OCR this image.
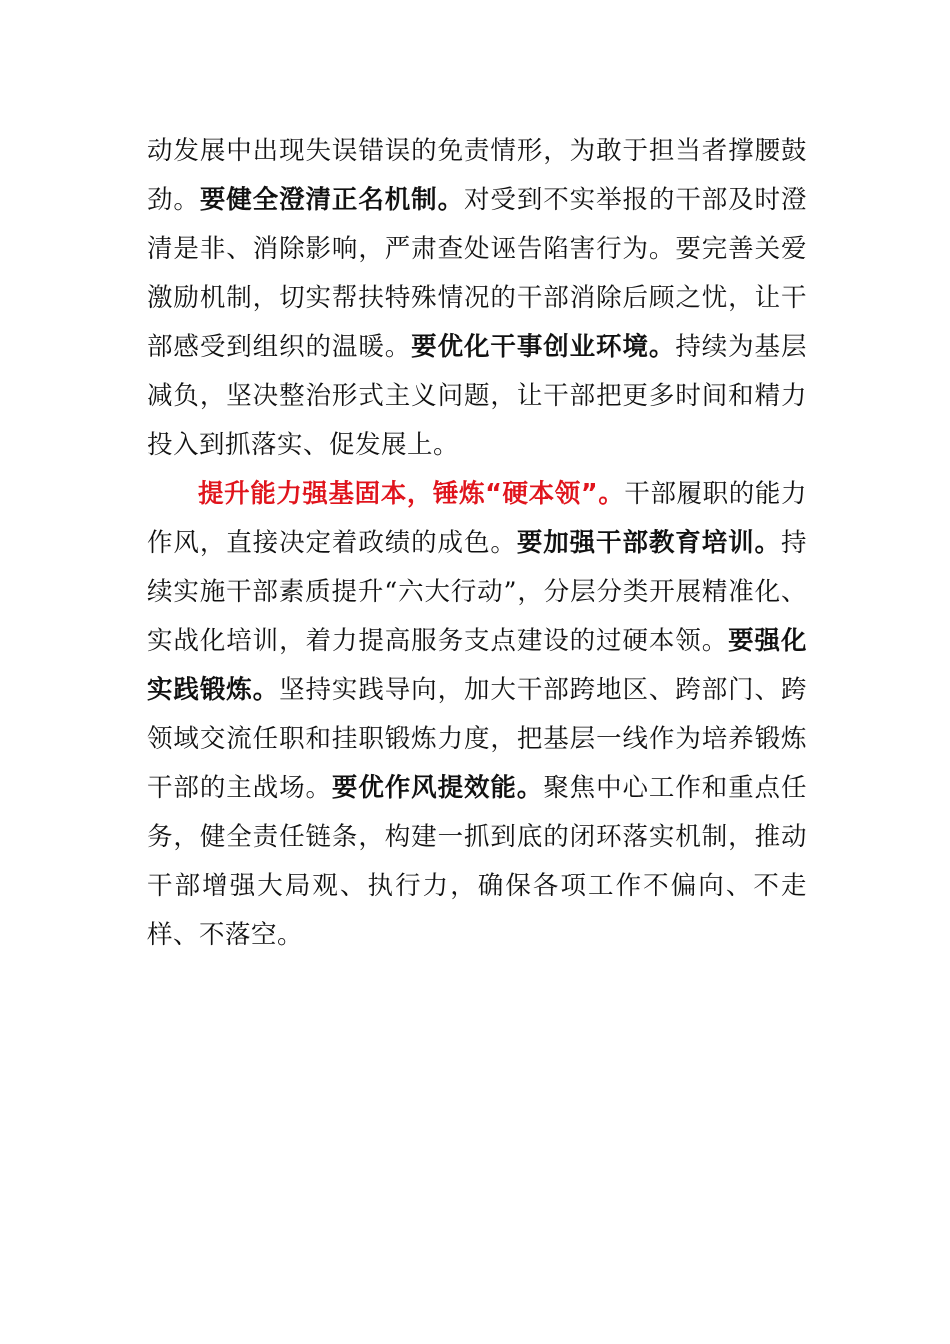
动发展中出现失误错误的免责情形，为敢于担当者撑腰鼓劲。要健全澄清正名机制。对受到不实举报的干部及时澄清是非、消除影响，严肃查处诬告陷害行为。要完善关爱激励机制，切实帮扶特殊情况的干部消除后顾之忧，让干部感受到组织的温暖。要优化干事创业环境。持续为基层减负，坚决整治形式主义问题，让干部把更多时间和精力投入到抓落实、促发展上。

提升能力强基固本，锤炼“硬本领”。干部履职的能力作风，直接决定着政绩的成色。要加强干部教育培训。持续实施干部素质提升“六大行动”，分层分类开展精准化、实战化培训，着力提高服务支点建设的过硬本领。要强化实践锻炼。坚持实践导向，加大干部跨地区、跨部门、跨领域交流任职和挂职锻炼力度，把基层一线作为培养锻炼干部的主战场。要优作风提效能。聚焦中心工作和重点任务，健全责任链条，构建一抓到底的闭环落实机制，推动干部增强大局观、执行力，确保各项工作不偏向、不走样、不落空。
